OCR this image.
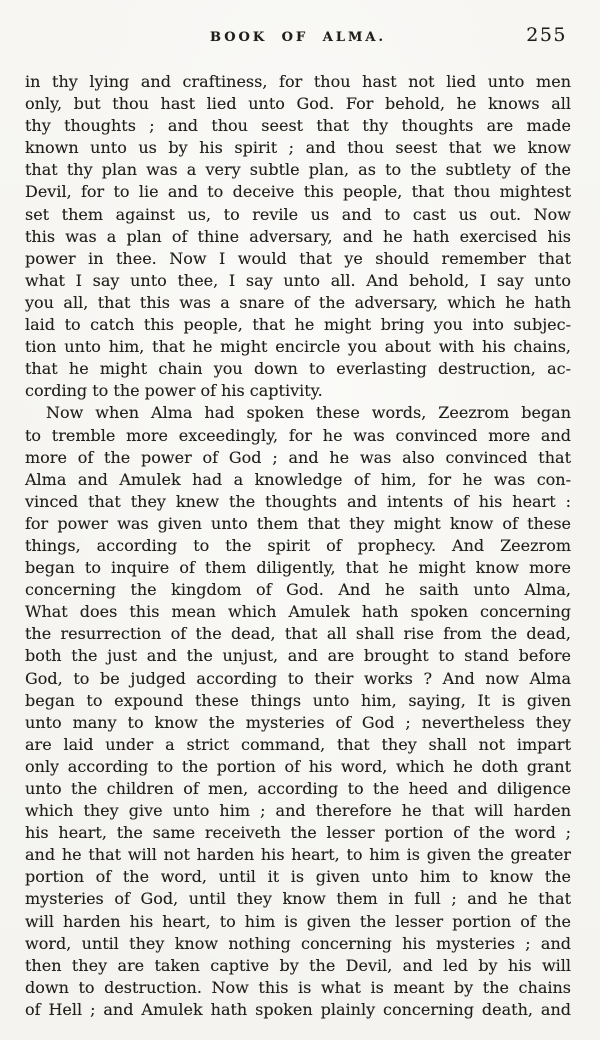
BOOK OF ALMA.	255
in thy lying and craftiness, for thou hast not lied unto men
only, but thou hast lied unto God. For behold, he knows all
thy thoughts ; and thou seest that thy thoughts are made
known unto us by his spirit ; and thou seest that we know
that thy plan was a very subtle plan, as to the subtlety of the
Devil, for to lie and to deceive this people, that thou mightest
set them against us, to revile us and to cast us out. Now
this was a plan of thine adversary, and he hath exercised his
power in thee. Now I would that ye should remember that
what I say unto thee, I say unto all. And behold, I say unto
you all, that this was a snare of the adversary, which he hath
laid to catch this people, that he might bring you into subjec-
tion unto him, that he might encircle you about with his chains,
that he might chain you down to everlasting destruction, ac-
cording to the power of his captivity.
Now when Alma had spoken these words, Zeezrom began
to tremble more exceedingly, for he was convinced more and
more of the power of God ; and he was also convinced that
Alma and Amulek had a knowledge of him, for he was con-
vinced that they knew the thoughts and intents of his heart :
for power was given unto them that they might know of these
things, according to the spirit of prophecy. And Zeezrom
began to inquire of them diligently, that he might know more
concerning the kingdom of God. And he saith unto Alma,
What does this mean which Amulek hath spoken concerning
the resurrection of the dead, that all shall rise from the dead,
both the just and the unjust, and are brought to stand before
God, to be judged according to their works ? And now Alma
began to expound these things unto him, saying, It is given
unto many to know the mysteries of God ; nevertheless they
are laid under a strict command, that they shall not impart
only according to the portion of his word, which he doth grant
unto the children of men, according to the heed and diligence
which they give unto him ; and therefore he that will harden
his heart, the same receiveth the lesser portion of the word ;
and he that will not harden his heart, to him is given the greater
portion of the word, until it is given unto him to know the
mysteries of God, until they know them in full ; and he that
will harden his heart, to him is given the lesser portion of the
word, until they know nothing concerning his mysteries ; and
then they are taken captive by the Devil, and led by his will
down to destruction. Now this is what is meant by the chains
of Hell ; and Amulek hath spoken plainly concerning death, and
